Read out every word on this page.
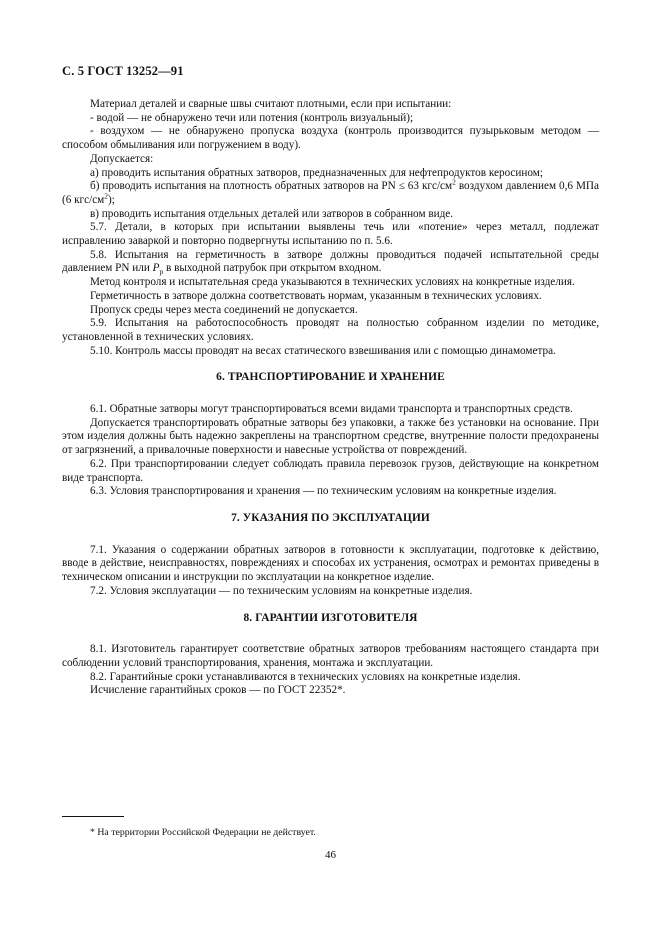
С. 5 ГОСТ 13252—91

Материал деталей и сварные швы считают плотными, если при испытании:

- водой — не обнаружено течи или потения (контроль визуальный);

- воздухом — не обнаружено пропуска воздуха (контроль производится пузырьковым методом — способом обмыливания или погружением в воду).

Допускается:

а) проводить испытания обратных затворов, предназначенных для нефтепродуктов керосином;

б) проводить испытания на плотность обратных затворов на PN ≤ 63 кгс/$см^2$ воздухом давлением 0,6 МПа (6 кгс/$см^2$);

в) проводить испытания отдельных деталей или затворов в собранном виде.

5.7. Детали, в которых при испытании выявлены течь или «потение» через металл, подлежат исправлению заваркой и повторно подвергнуты испытанию по п. 5.6.

5.8. Испытания на герметичность в затворе должны проводиться подачей испытательной среды давлением PN или $P_р$ в выходной патрубок при открытом входном.

Метод контроля и испытательная среда указываются в технических условиях на конкретные изделия.

Герметичность в затворе должна соответствовать нормам, указанным в технических условиях.

Пропуск среды через места соединений не допускается.

5.9. Испытания на работоспособность проводят на полностью собранном изделии по методике, установленной в технических условиях.

5.10. Контроль массы проводят на весах статического взвешивания или с помощью динамометра.

6. ТРАНСПОРТИРОВАНИЕ И ХРАНЕНИЕ

6.1. Обратные затворы могут транспортироваться всеми видами транспорта и транспортных средств.

Допускается транспортировать обратные затворы без упаковки, а также без установки на основание. При этом изделия должны быть надежно закреплены на транспортном средстве, внутренние полости предохранены от загрязнений, а привалочные поверхности и навесные устройства от повреждений.

6.2. При транспортировании следует соблюдать правила перевозок грузов, действующие на конкретном виде транспорта.

6.3. Условия транспортирования и хранения — по техническим условиям на конкретные изделия.

7. УКАЗАНИЯ ПО ЭКСПЛУАТАЦИИ

7.1. Указания о содержании обратных затворов в готовности к эксплуатации, подготовке к действию, вводе в действие, неисправностях, повреждениях и способах их устранения, осмотрах и ремонтах приведены в техническом описании и инструкции по эксплуатации на конкретное изделие.

7.2. Условия эксплуатации — по техническим условиям на конкретные изделия.

8. ГАРАНТИИ ИЗГОТОВИТЕЛЯ

8.1. Изготовитель гарантирует соответствие обратных затворов требованиям настоящего стандарта при соблюдении условий транспортирования, хранения, монтажа и эксплуатации.

8.2. Гарантийные сроки устанавливаются в технических условиях на конкретные изделия.

Исчисление гарантийных сроков — по ГОСТ 22352*.

* На территории Российской Федерации не действует.
46
